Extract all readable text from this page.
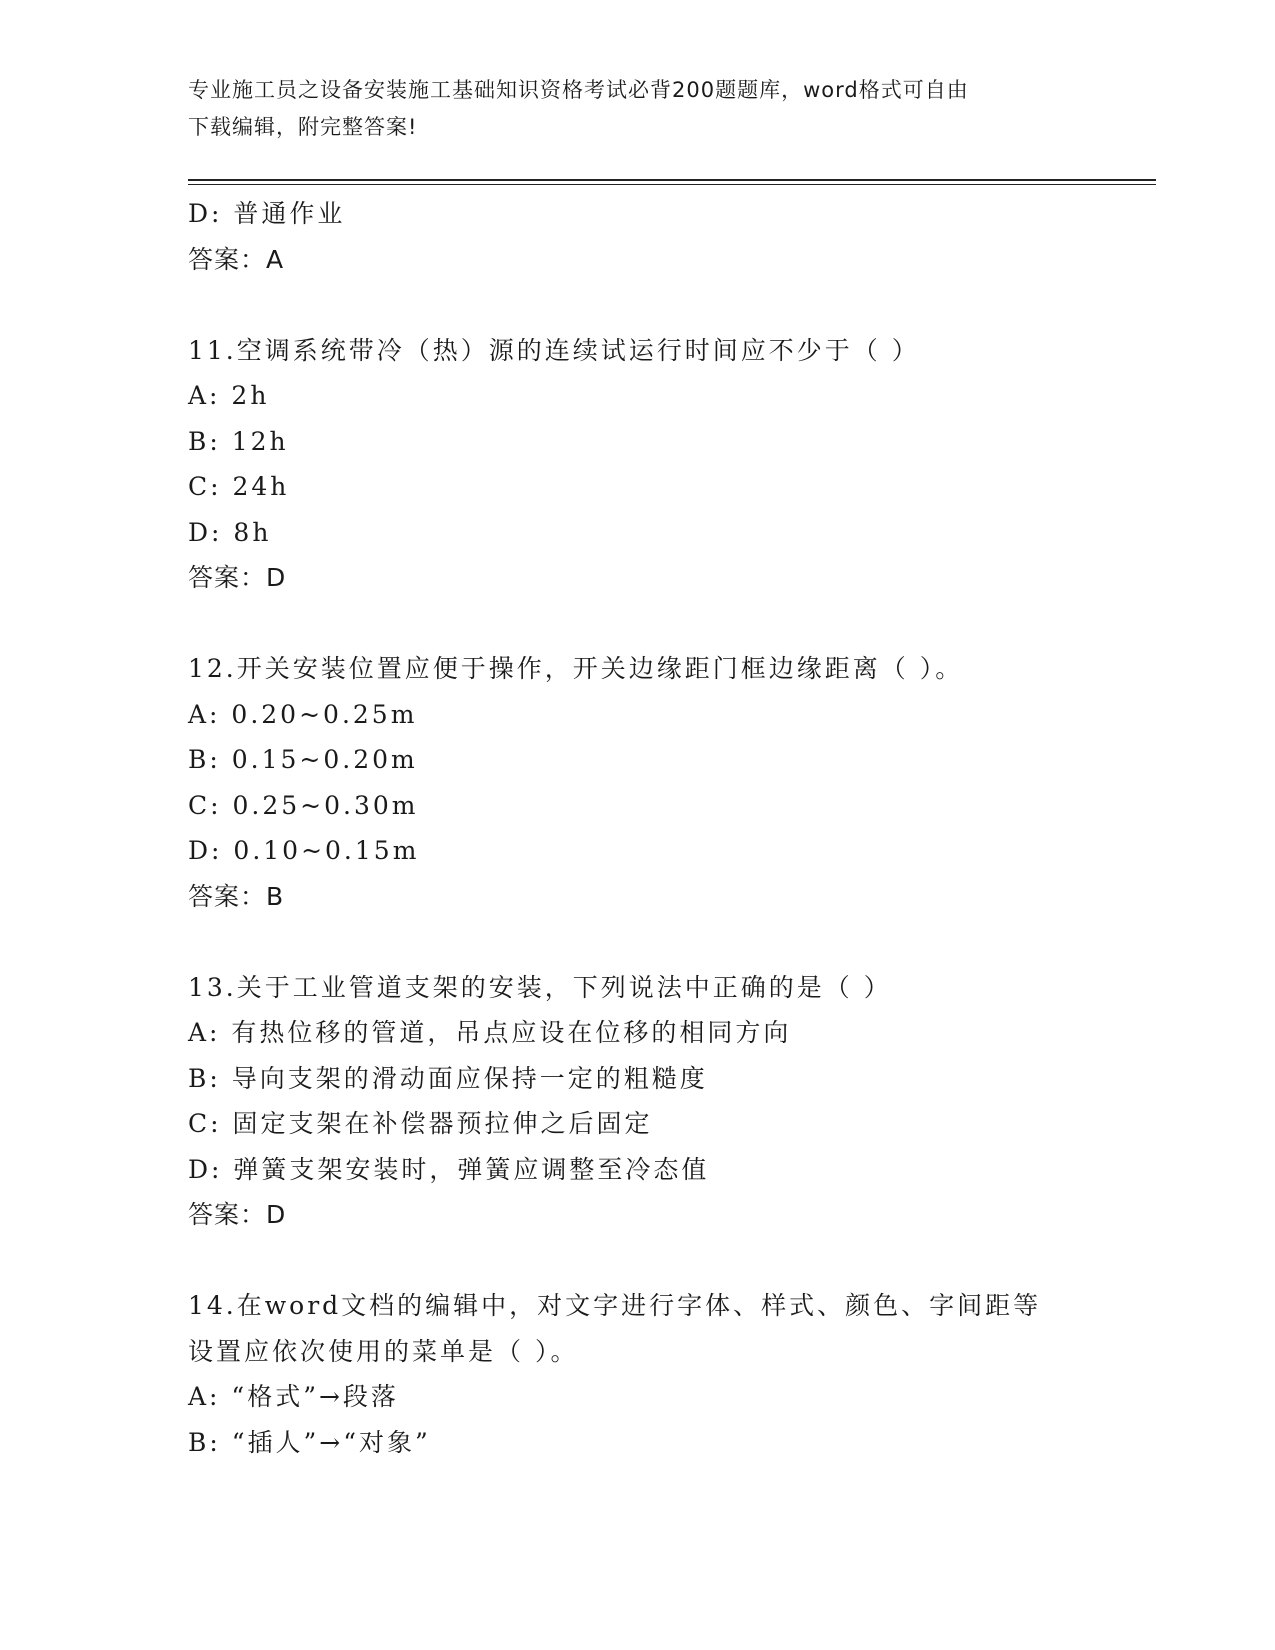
专业施工员之设备安装施工基础知识资格考试必背200题题库，word格式可自由
下载编辑，附完整答案!
D: 普通作业
答案：A
11.空调系统带冷（热）源的连续试运行时间应不少于（ ）
A: 2h
B: 12h
C: 24h
D: 8h
答案：D
12.开关安装位置应便于操作，开关边缘距门框边缘距离（ ）。
A: 0.20~0.25m
B: 0.15~0.20m
C: 0.25~0.30m
D: 0.10~0.15m
答案：B
13.关于工业管道支架的安装，下列说法中正确的是（ ）
A: 有热位移的管道，吊点应设在位移的相同方向
B: 导向支架的滑动面应保持一定的粗糙度
C: 固定支架在补偿器预拉伸之后固定
D: 弹簧支架安装时，弹簧应调整至冷态值
答案：D
14.在word文档的编辑中，对文字进行字体、样式、颜色、字间距等
设置应依次使用的菜单是（ ）。
A: “格式”→段落
B: “插人”→“对象”
